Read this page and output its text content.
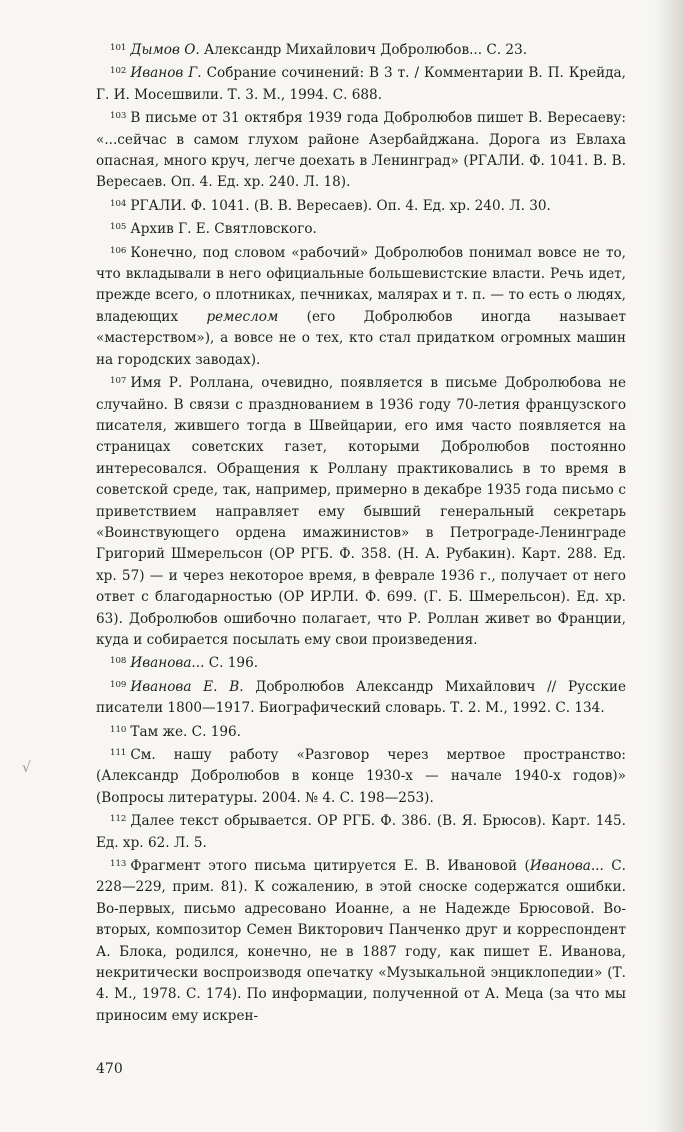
√

$^{101}$ Дымов О. Александр Михайлович Добролюбов... С. 23.

$^{102}$ Иванов Г. Собрание сочинений: В 3 т. / Комментарии В. П. Крейда, Г. И. Мосешвили. Т. 3. М., 1994. С. 688.

$^{103}$ В письме от 31 октября 1939 года Добролюбов пишет В. Вересаеву: «...сейчас в самом глухом районе Азербайджана. Дорога из Евлаха опасная, много круч, легче доехать в Ленинград» (РГАЛИ. Ф. 1041. В. В. Вересаев. Оп. 4. Ед. хр. 240. Л. 18).

$^{104}$ РГАЛИ. Ф. 1041. (В. В. Вересаев). Оп. 4. Ед. хр. 240. Л. 30.

$^{105}$ Архив Г. Е. Святловского.

$^{106}$ Конечно, под словом «рабочий» Добролюбов понимал вовсе не то, что вкладывали в него официальные большевистские власти. Речь идет, прежде всего, о плотниках, печниках, малярах и т. п. — то есть о людях, владеющих ремеслом (его Добролюбов иногда называет «мастерством»), а вовсе не о тех, кто стал придатком огромных машин на городских заводах).

$^{107}$ Имя Р. Роллана, очевидно, появляется в письме Добролюбова не случайно. В связи с празднованием в 1936 году 70-летия французского писателя, жившего тогда в Швейцарии, его имя часто появляется на страницах советских газет, которыми Добролюбов постоянно интересовался. Обращения к Роллану практиковались в то время в советской среде, так, например, примерно в декабре 1935 года письмо с приветствием направляет ему бывший генеральный секретарь «Воинствующего ордена имажинистов» в Петрограде-Ленинграде Григорий Шмерельсон (ОР РГБ. Ф. 358. (Н. А. Рубакин). Карт. 288. Ед. хр. 57) — и через некоторое время, в феврале 1936 г., получает от него ответ с благодарностью (ОР ИРЛИ. Ф. 699. (Г. Б. Шмерельсон). Ед. хр. 63). Добролюбов ошибочно полагает, что Р. Роллан живет во Франции, куда и собирается посылать ему свои произведения.

$^{108}$ Иванова... С. 196.

$^{109}$ Иванова Е. В. Добролюбов Александр Михайлович // Русские писатели 1800—1917. Биографический словарь. Т. 2. М., 1992. С. 134.

$^{110}$ Там же. С. 196.

$^{111}$ См. нашу работу «Разговор через мертвое пространство: (Александр Добролюбов в конце 1930-х — начале 1940-х годов)» (Вопросы литературы. 2004. № 4. С. 198—253).

$^{112}$ Далее текст обрывается. ОР РГБ. Ф. 386. (В. Я. Брюсов). Карт. 145. Ед. хр. 62. Л. 5.

$^{113}$ Фрагмент этого письма цитируется Е. В. Ивановой (Иванова... С. 228—229, прим. 81). К сожалению, в этой сноске содержатся ошибки. Во-первых, письмо адресовано Иоанне, а не Надежде Брюсовой. Во-вторых, композитор Семен Викторович Панченко друг и корреспондент А. Блока, родился, конечно, не в 1887 году, как пишет Е. Иванова, некритически воспроизводя опечатку «Музыкальной энциклопедии» (Т. 4. М., 1978. С. 174). По информации, полученной от А. Меца (за что мы приносим ему искрен-

470
